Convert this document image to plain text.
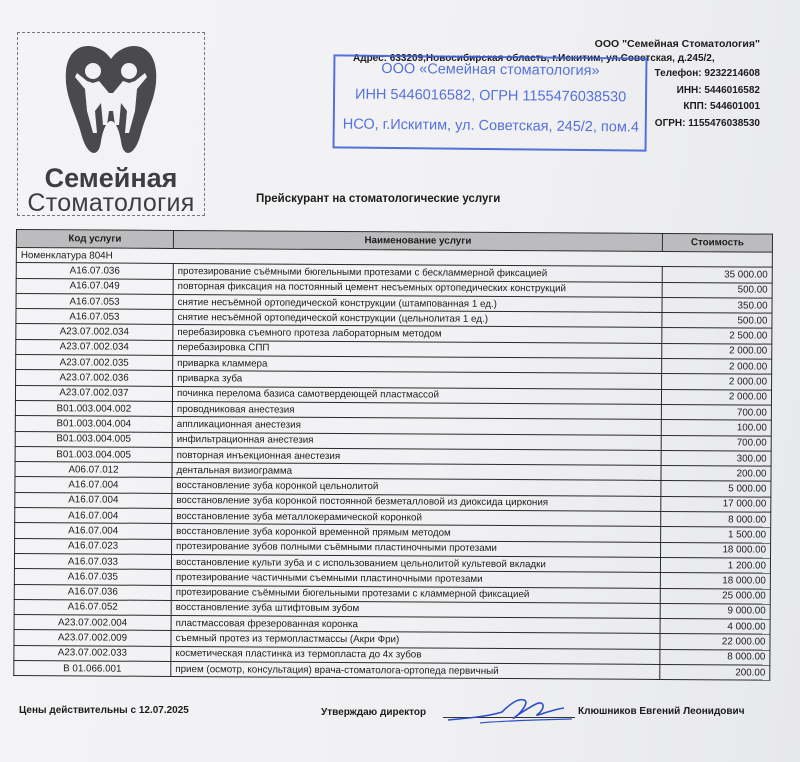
Семейная
Стоматология
ООО "Семейная Стоматология"
Адрес: 633209,Новосибирская область, г.Искитим, ул.Советская, д.245/2,
Телефон: 9232214608
ИНН: 5446016582
КПП: 544601001
ОГРН: 1155476038530
ООО «Семейная стоматология»
ИНН 5446016582, ОГРН 1155476038530
НСО, г.Искитим, ул. Советская, 245/2, пом.4
Прейскурант на стоматологические услуги
Код услуги	Наименование услуги	Стоимость
Номенклатура 804Н		
A16.07.036	протезирование съёмными бюгельными протезами с бескламмерной фиксацией	35 000.00
A16.07.049	повторная фиксация на постоянный цемент несъемных ортопедических конструкций	500.00
A16.07.053	снятие несъёмной ортопедической конструкции (штампованная 1 ед.)	350.00
A16.07.053	снятие несъёмной ортопедической конструкции (цельнолитая 1 ед.)	500.00
A23.07.002.034	перебазировка съемного протеза лабораторным методом	2 500.00
A23.07.002.034	перебазировка СПП	2 000.00
A23.07.002.035	приварка кламмера	2 000.00
A23.07.002.036	приварка зуба	2 000.00
A23.07.002.037	починка перелома базиса самотвердеющей пластмассой	2 000.00
B01.003.004.002	проводниковая анестезия	700.00
B01.003.004.004	аппликационная анестезия	100.00
B01.003.004.005	инфильтрационная анестезия	700.00
B01.003.004.005	повторная инъекционная анестезия	300.00
A06.07.012	дентальная визиограмма	200.00
A16.07.004	восстановление зуба коронкой цельнолитой	5 000.00
A16.07.004	восстановление зуба коронкой постоянной безметалловой из диоксида циркония	17 000.00
A16.07.004	восстановление зуба металлокерамической коронкой	8 000.00
A16.07.004	восстановление зуба коронкой временной прямым методом	1 500.00
A16.07.023	протезирование зубов полными съёмными пластиночными протезами	18 000.00
A16.07.033	восстановление культи зуба и с использованием цельнолитой культевой вкладки	1 200.00
A16.07.035	протезирование частичными съемными пластиночными протезами	18 000.00
A16.07.036	протезирование съёмными бюгельными протезами с кламмерной фиксацией	25 000.00
A16.07.052	восстановление зуба штифтовым зубом	9 000.00
A23.07.002.004	пластмассовая фрезерованная коронка	4 000.00
A23.07.002.009	съемный протез из термопластмассы (Акри Фри)	22 000.00
A23.07.002.033	косметическая пластинка из термопласта до 4х зубов	8 000.00
B 01.066.001	прием (осмотр, консультация) врача-стоматолога-ортопеда первичный	200.00
Цены действительны с 12.07.2025	Утверждаю директор	Клюшников Евгений Леонидович
